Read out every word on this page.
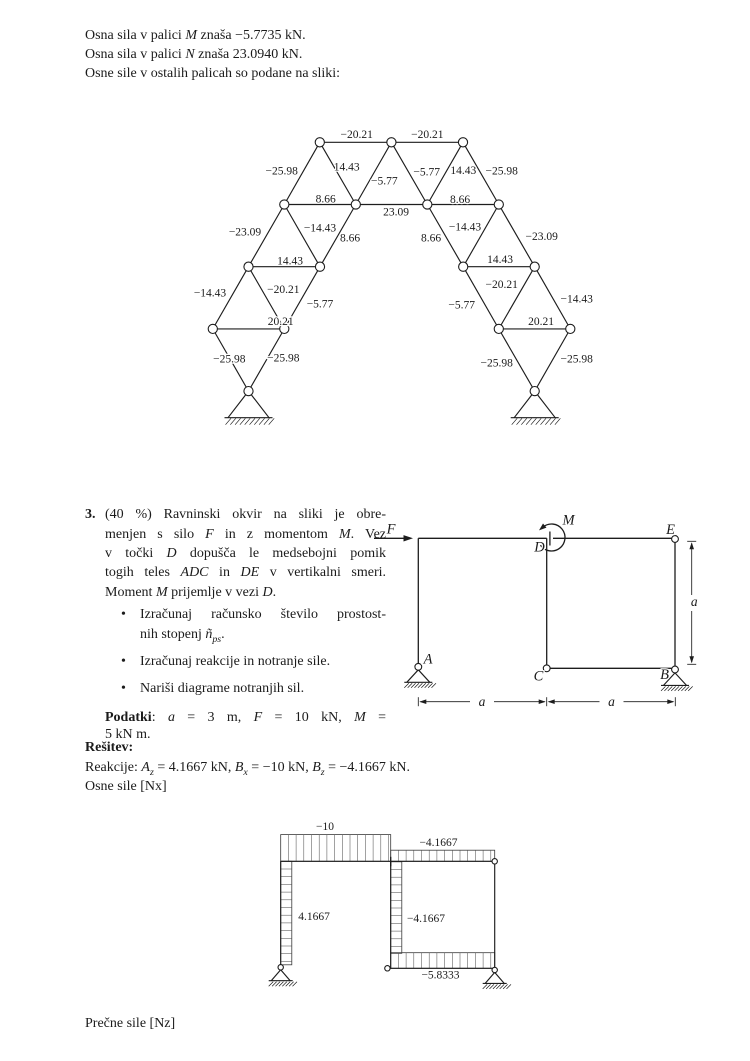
Osna sila v palici M znaša −5.7735 kN.
Osna sila v palici N znaša 23.0940 kN.
Osne sile v ostalih palicah so podane na sliki:
−20.21	−20.21
−25.98	14.43
−5.77
−5.77 14.43 −25.98
8.66	8.66
23.09
−23.09	−14.43
8.66	8.66
−14.43
−23.09
14.43	14.43
−14.43	−20.21
−5.77	−5.77
−20.21
−14.43
20.21	20.21
−25.98 −25.98	−25.98	−25.98
3. (40 %) Ravninski okvir na sliki je obre-
menjen s silo F in z momentom M. Vez
v točki D dopušča le medsebojni pomik
togih teles ADC in DE v vertikalni smeri.
Moment M prijemlje v vezi D.
• Izračunaj računsko število prostost-
nih stopenj $ñ_{ps}$.
• Izračunaj reakcije in notranje sile.
• Nariši diagrame notranjih sil.
Podatki: a = 3 m, F = 10 kN, M =
5 kN m.
F
M
D
E
A
C	B
a	a
a
Rešitev:
Reakcije: $A_z = 4.1667$ kN, $B_x = -10$ kN, $B_z = -4.1667$ kN.
Osne sile [Nx]
−10
−4.1667
4.1667	−4.1667
−5.8333
Prečne sile [Nz]
